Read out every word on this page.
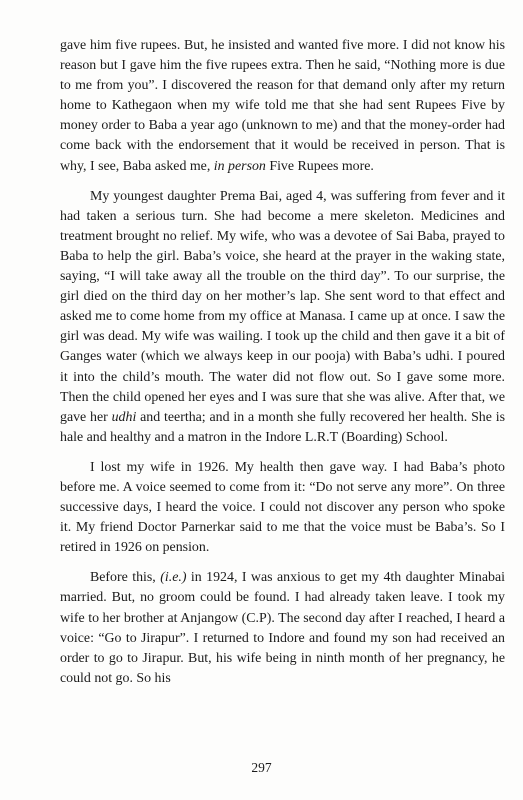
gave him five rupees. But, he insisted and wanted five more. I did not know his reason but I gave him the five rupees extra. Then he said, “Nothing more is due to me from you”. I discovered the reason for that demand only after my return home to Kathegaon when my wife told me that she had sent Rupees Five by money order to Baba a year ago (unknown to me) and that the money-order had come back with the endorsement that it would be received in person. That is why, I see, Baba asked me, in person Five Rupees more.

My youngest daughter Prema Bai, aged 4, was suffering from fever and it had taken a serious turn. She had become a mere skeleton. Medicines and treatment brought no relief. My wife, who was a devotee of Sai Baba, prayed to Baba to help the girl. Baba’s voice, she heard at the prayer in the waking state, saying, “I will take away all the trouble on the third day”. To our surprise, the girl died on the third day on her mother’s lap. She sent word to that effect and asked me to come home from my office at Manasa. I came up at once. I saw the girl was dead. My wife was wailing. I took up the child and then gave it a bit of Ganges water (which we always keep in our pooja) with Baba’s udhi. I poured it into the child’s mouth. The water did not flow out. So I gave some more. Then the child opened her eyes and I was sure that she was alive. After that, we gave her udhi and teertha; and in a month she fully recovered her health. She is hale and healthy and a matron in the Indore L.R.T (Boarding) School.

I lost my wife in 1926. My health then gave way. I had Baba’s photo before me. A voice seemed to come from it: “Do not serve any more”. On three successive days, I heard the voice. I could not discover any person who spoke it. My friend Doctor Parnerkar said to me that the voice must be Baba’s. So I retired in 1926 on pension.

Before this, (i.e.) in 1924, I was anxious to get my 4th daughter Minabai married. But, no groom could be found. I had already taken leave. I took my wife to her brother at Anjangow (C.P). The second day after I reached, I heard a voice: “Go to Jirapur”. I returned to Indore and found my son had received an order to go to Jirapur. But, his wife being in ninth month of her pregnancy, he could not go. So his

297
